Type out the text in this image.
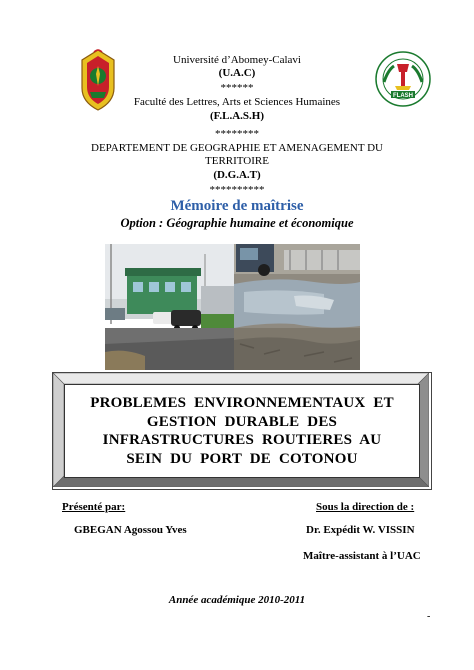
FLASH
Université d’Abomey-Calavi
(U.A.C)
******
Faculté des Lettres, Arts et Sciences Humaines
(F.L.A.S.H)
********
DEPARTEMENT DE GEOGRAPHIE ET AMENAGEMENT DU
TERRITOIRE
(D.G.A.T)
**********
Mémoire de maîtrise
Option : Géographie humaine et économique
PROBLEMES ENVIRONNEMENTAUX ET
GESTION DURABLE DES
INFRASTRUCTURES ROUTIERES AU
SEIN DU PORT DE COTONOU
Présenté par:	Sous la direction de :
GBEGAN Agossou Yves	Dr. Expédit W. VISSIN
Maître-assistant à l’UAC
Année académique 2010-2011
-
